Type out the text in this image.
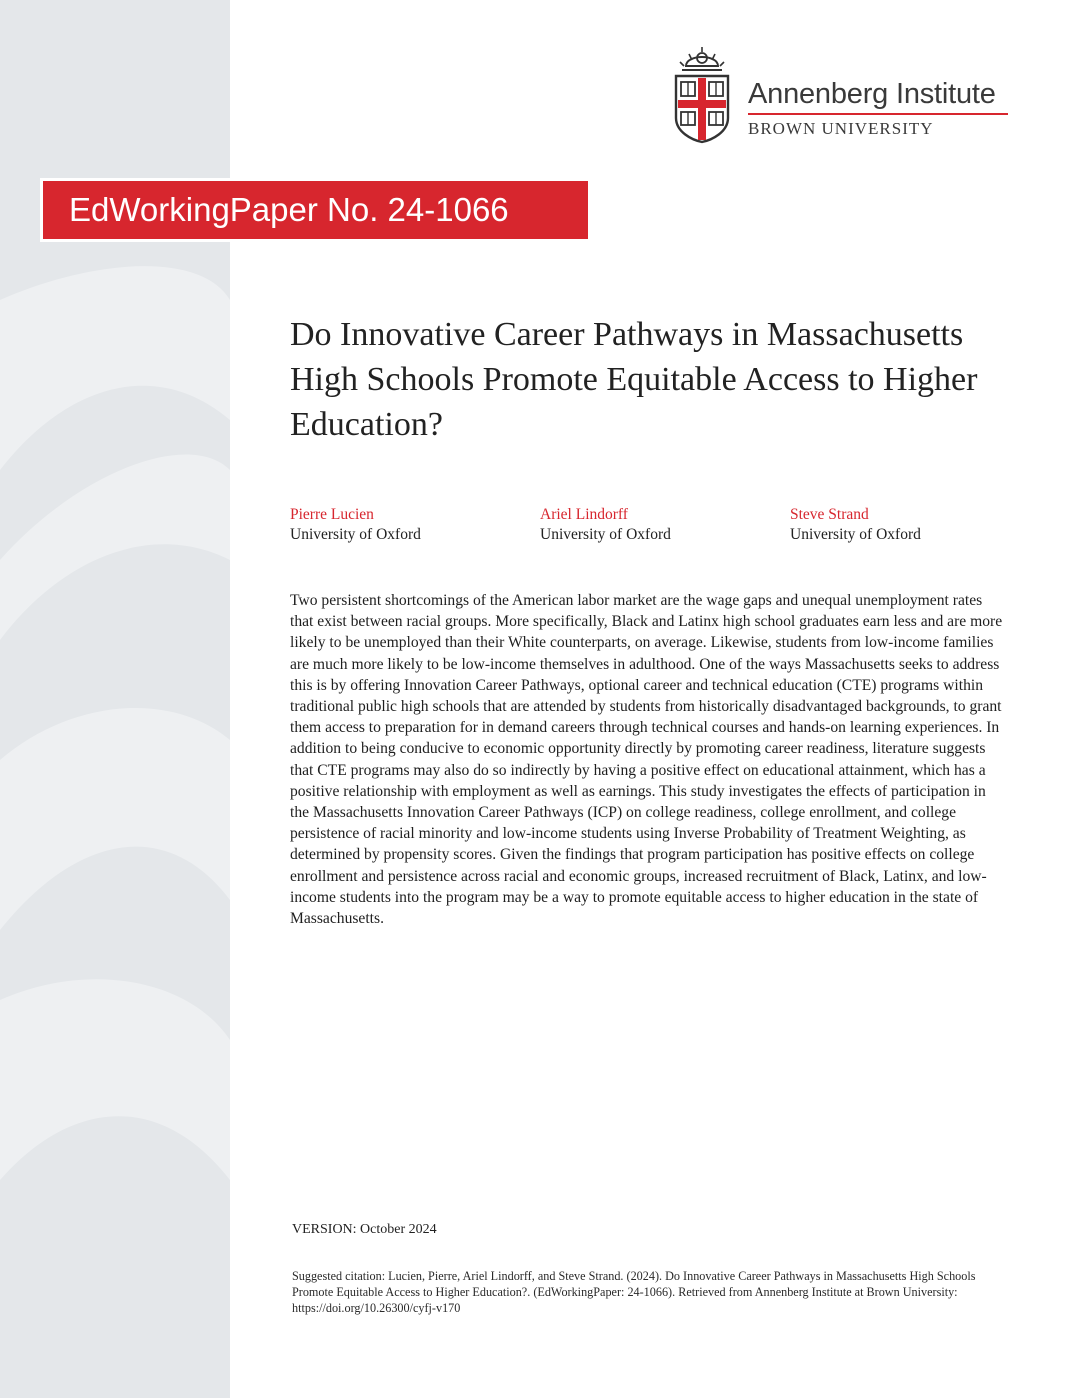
Annenberg Institute
BROWN UNIVERSITY
EdWorkingPaper No. 24-1066
Do Innovative Career Pathways in Massachusetts High Schools Promote Equitable Access to Higher Education?
Pierre Lucien
University of Oxford
Ariel Lindorff
University of Oxford
Steve Strand
University of Oxford

Two persistent shortcomings of the American labor market are the wage gaps and unequal unemployment rates that exist between racial groups. More specifically, Black and Latinx high school graduates earn less and are more likely to be unemployed than their White counterparts, on average. Likewise, students from low-income families are much more likely to be low-income themselves in adulthood. One of the ways Massachusetts seeks to address this is by offering Innovation Career Pathways, optional career and technical education (CTE) programs within traditional public high schools that are attended by students from historically disadvantaged backgrounds, to grant them access to preparation for in demand careers through technical courses and hands-on learning experiences. In addition to being conducive to economic opportunity directly by promoting career readiness, literature suggests that CTE programs may also do so indirectly by having a positive effect on educational attainment, which has a positive relationship with employment as well as earnings. This study investigates the effects of participation in the Massachusetts Innovation Career Pathways (ICP) on college readiness, college enrollment, and college persistence of racial minority and low-income students using Inverse Probability of Treatment Weighting, as determined by propensity scores. Given the findings that program participation has positive effects on college enrollment and persistence across racial and economic groups, increased recruitment of Black, Latinx, and low-income students into the program may be a way to promote equitable access to higher education in the state of Massachusetts.

VERSION: October 2024

Suggested citation: Lucien, Pierre, Ariel Lindorff, and Steve Strand. (2024). Do Innovative Career Pathways in Massachusetts High Schools Promote Equitable Access to Higher Education?. (EdWorkingPaper: 24-1066). Retrieved from Annenberg Institute at Brown University: https://doi.org/10.26300/cyfj-v170
